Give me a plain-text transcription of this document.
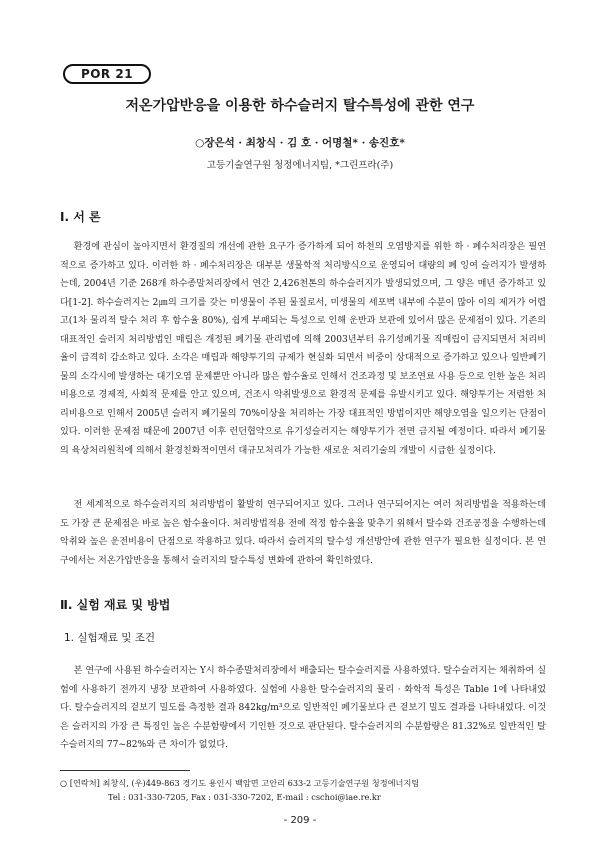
POR 21
저온가압반응을 이용한 하수슬러지 탈수특성에 관한 연구
○장은석 · 최창식 · 김 호 · 어명철* · 송진호*
고등기술연구원 청정에너지팀, *그린프라(주)
Ⅰ. 서 론

환경에 관심이 높아지면서 환경질의 개선에 관한 요구가 증가하게 되어 하천의 오염방지를 위한 하 · 폐수처리장은 필연적으로 증가하고 있다. 이러한 하 · 폐수처리장은 대부분 생물학적 처리방식으로 운영되어 대량의 폐 잉여 슬러지가 발생하는데, 2004년 기준 268개 하수종말처리장에서 연간 2,426천톤의 하수슬러지가 발생되었으며, 그 양은 매년 증가하고 있다[1-2]. 하수슬러지는 2㎛의 크기를 갖는 미생물이 주된 물질로서, 미생물의 세포벽 내부에 수분이 많아 이의 제거가 어렵고(1차 물리적 탈수 처리 후 함수율 80%), 쉽게 부패되는 특성으로 인해 운반과 보관에 있어서 많은 문제점이 있다. 기존의 대표적인 슬러지 처리방법인 매립은 개정된 폐기물 관리법에 의해 2003년부터 유기성폐기물 직매립이 금지되면서 처리비율이 급격히 감소하고 있다. 소각은 매립과 해양투기의 규제가 현실화 되면서 비중이 상대적으로 증가하고 있으나 일반폐기물의 소각시에 발생하는 대기오염 문제뿐만 아니라 많은 함수율로 인해서 건조과정 및 보조연료 사용 등으로 인한 높은 처리비용으로 경제적, 사회적 문제를 안고 있으며, 건조시 악취발생으로 환경적 문제를 유발시키고 있다. 해양투기는 저렴한 처리비용으로 인해서 2005년 슬러지 폐기물의 70%이상을 처리하는 가장 대표적인 방법이지만 해양오염을 일으키는 단점이 있다. 이러한 문제점 때문에 2007년 이후 런던협약으로 유기성슬러지는 해양투기가 전면 금지될 예정이다. 따라서 폐기물의 육상처리원칙에 의해서 환경친화적이면서 대규모처리가 가능한 새로운 처리기술의 개발이 시급한 실정이다.

전 세계적으로 하수슬러지의 처리방법이 활발히 연구되어지고 있다. 그러나 연구되어지는 여러 처리방법을 적용하는데도 가장 큰 문제점은 바로 높은 함수율이다. 처리방법적용 전에 적정 함수율을 맞추기 위해서 탈수와 건조공정을 수행하는데 악취와 높은 운전비용이 단점으로 작용하고 있다. 따라서 슬러지의 탈수성 개선방안에 관한 연구가 필요한 실정이다. 본 연구에서는 저온가압반응을 통해서 슬러지의 탈수특성 변화에 관하여 확인하였다.

Ⅱ. 실험 재료 및 방법
1. 실험재료 및 조건

본 연구에 사용된 하수슬러지는 Y시 하수종말처리장에서 배출되는 탈수슬러지를 사용하였다. 탈수슬러지는 채취하여 실험에 사용하기 전까지 냉장 보관하여 사용하였다. 실험에 사용한 탈수슬러지의 물리 · 화학적 특성은 Table 1에 나타내었다. 탈수슬러지의 겉보기 밀도를 측정한 결과 842kg/m³으로 일반적인 폐기물보다 큰 겉보기 밀도 결과를 나타내었다. 이것은 슬러지의 가장 큰 특징인 높은 수분함량에서 기인한 것으로 판단된다. 탈수슬러지의 수분함량은 81.32%로 일반적인 탈수슬러지의 77~82%와 큰 차이가 없었다.

○ [연락처] 최창식, (우)449-863 경기도 용인시 백암면 고안리 633-2 고등기술연구원 청정에너지팀
Tel : 031-330-7205, Fax : 031-330-7202, E-mail : cschoi@iae.re.kr
- 209 -
